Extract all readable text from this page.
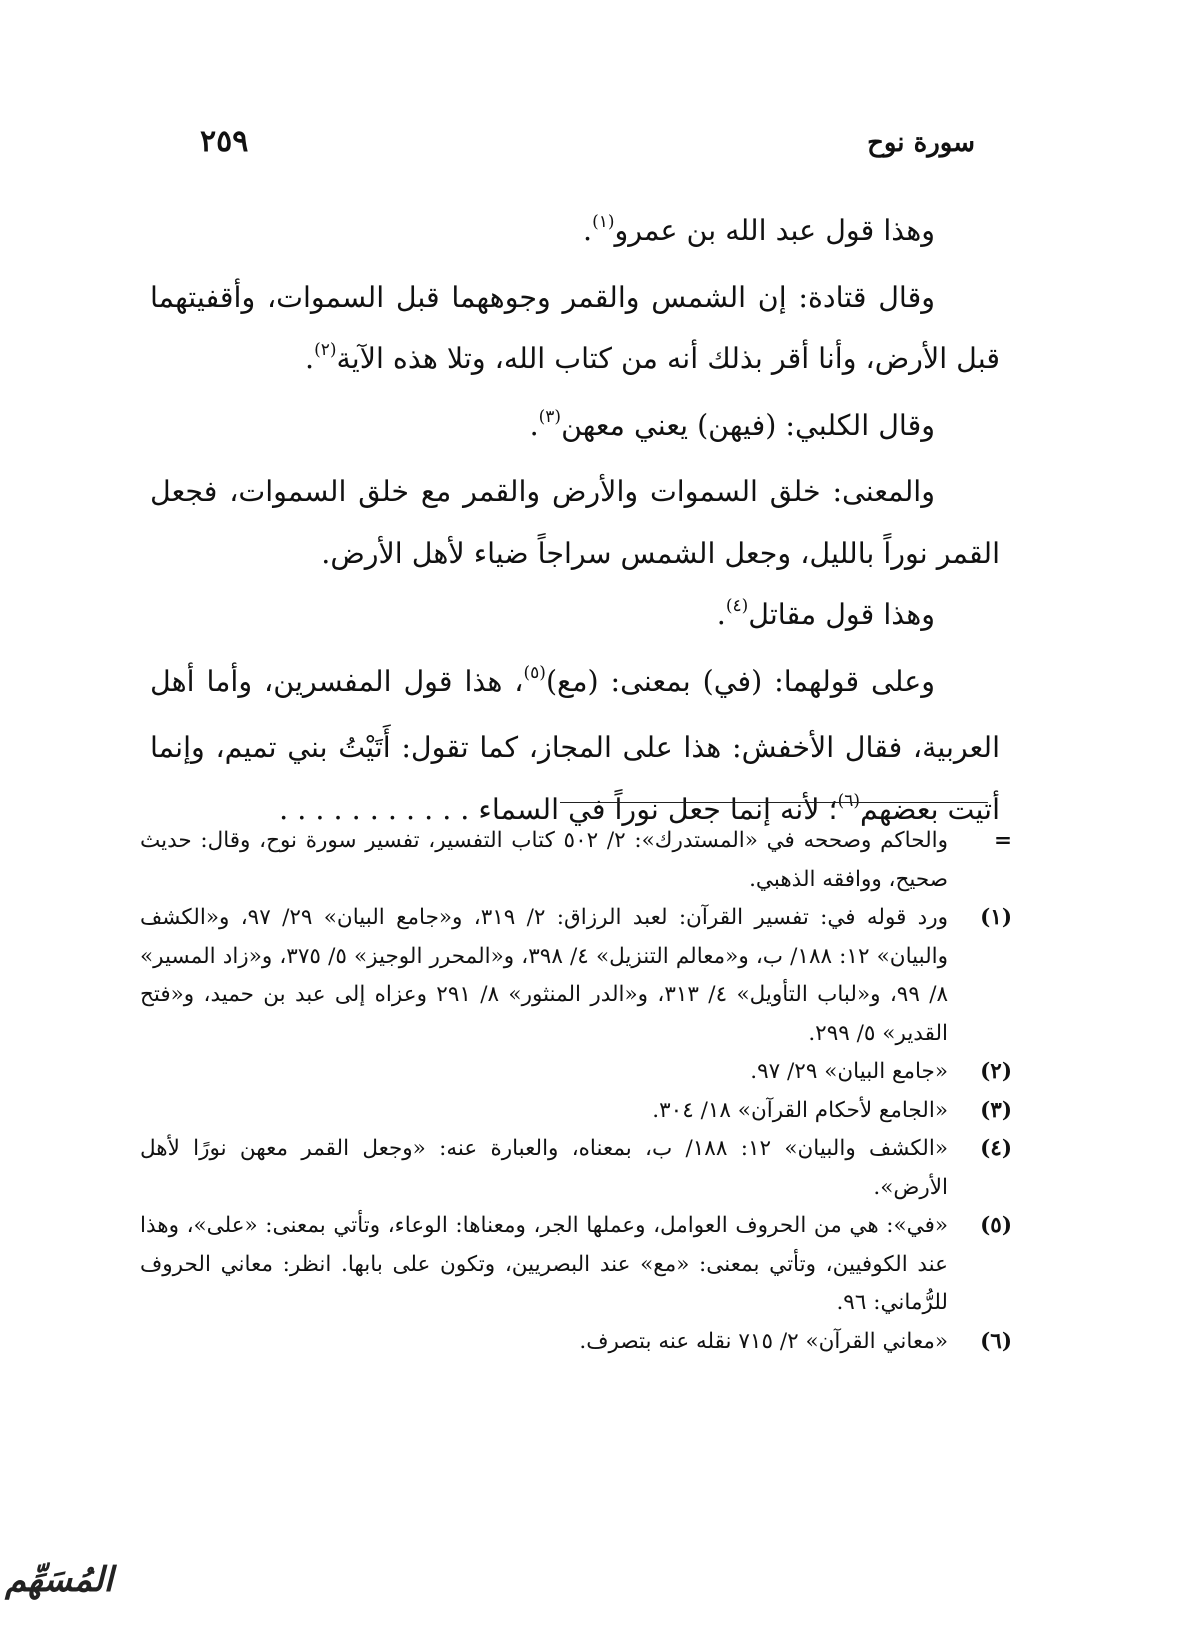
سورة نوح
٢٥٩

وهذا قول عبد الله بن عمرو$^{(١)}$.

وقال قتادة: إن الشمس والقمر وجوههما قبل السموات، وأقفيتهما قبل الأرض، وأنا أقر بذلك أنه من كتاب الله، وتلا هذه الآية$^{(٢)}$.

وقال الكلبي: (فيهن) يعني معهن$^{(٣)}$.

والمعنى: خلق السموات والأرض والقمر مع خلق السموات، فجعل القمر نوراً بالليل، وجعل الشمس سراجاً ضياء لأهل الأرض.

وهذا قول مقاتل$^{(٤)}$.

وعلى قولهما: (في) بمعنى: (مع)$^{(٥)}$، هذا قول المفسرين، وأما أهل العربية، فقال الأخفش: هذا على المجاز، كما تقول: أَتَيْتُ بني تميم، وإنما أتيت بعضهم$^{(٦)}$؛ لأنه إنما جعل نوراً في السماء . . . . . . . . . . .

=
والحاكم وصححه في «المستدرك»: ٢/ ٥٠٢ كتاب التفسير، تفسير سورة نوح، وقال: حديث صحيح، ووافقه الذهبي.

(١)
ورد قوله في: تفسير القرآن: لعبد الرزاق: ٢/ ٣١٩، و«جامع البيان» ٢٩/ ٩٧، و«الكشف والبيان» ١٢: ١٨٨/ ب، و«معالم التنزيل» ٤/ ٣٩٨، و«المحرر الوجيز» ٥/ ٣٧٥، و«زاد المسير» ٨/ ٩٩، و«لباب التأويل» ٤/ ٣١٣، و«الدر المنثور» ٨/ ٢٩١ وعزاه إلى عبد بن حميد، و«فتح القدير» ٥/ ٢٩٩.

(٢)
«جامع البيان» ٢٩/ ٩٧.

(٣)
«الجامع لأحكام القرآن» ١٨/ ٣٠٤.

(٤)
«الكشف والبيان» ١٢: ١٨٨/ ب، بمعناه، والعبارة عنه: «وجعل القمر معهن نورًا لأهل الأرض».

(٥)
«في»: هي من الحروف العوامل، وعملها الجر، ومعناها: الوعاء، وتأتي بمعنى: «على»، وهذا عند الكوفيين، وتأتي بمعنى: «مع» عند البصريين، وتكون على بابها. انظر: معاني الحروف للرُّماني: ٩٦.

(٦)
«معاني القرآن» ٢/ ٧١٥ نقله عنه بتصرف.

المُسَهِّم
